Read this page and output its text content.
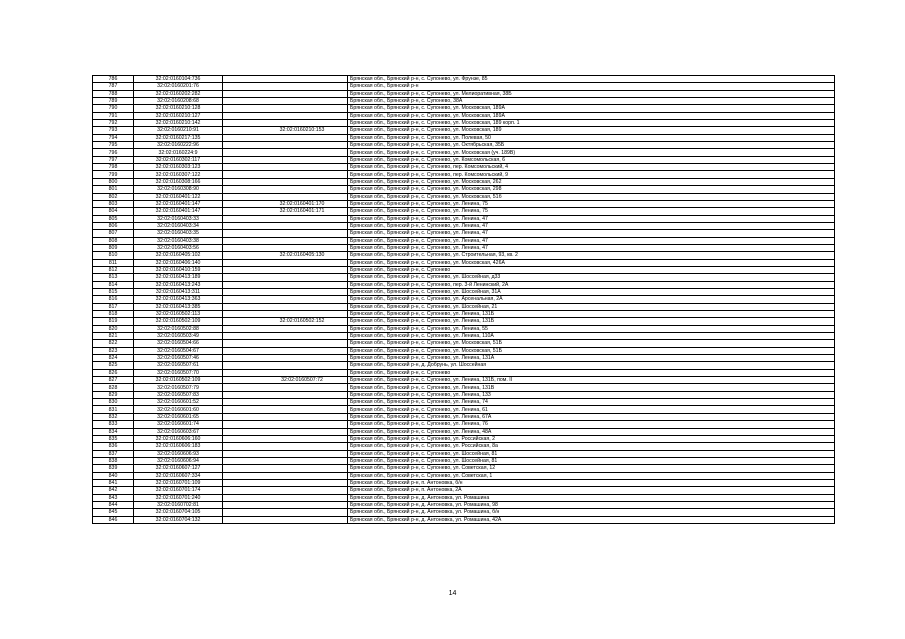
786	32:02:0160104:736		Брянская обл., Брянский р-н, с. Супонево, ул. Фрунзе, 85
787	32:02:0160201:76		Брянская обл., Брянский р-н
788	32:02:0160202:282		Брянская обл., Брянский р-н, с. Супонево, ул. Мелиоративная, 38Б
789	32:02:0160208:68		Брянская обл., Брянский р-н, с. Супонево, 38А
790	32:02:0160210:128		Брянская обл., Брянский р-н, с. Супонево, ул. Московская, 189А
791	32:02:0160210:127		Брянская обл., Брянский р-н, с. Супонево, ул. Московская, 189А
792	32:02:0160210:142		Брянская обл., Брянский р-н, с. Супонево, ул. Московская, 189 корп. 1
793	32:02:0160210:91	32:02:0160210:153	Брянская обл., Брянский р-н, с. Супонево, ул. Московская, 189
794	32:02:0160217:135		Брянская обл., Брянский р-н, с. Супонево, ул. Полевая, 50
795	32:02:0160222:96		Брянская обл., Брянский р-н, с. Супонево, ул. Октябрьская, 35Б
796	32:02:0160224:9		Брянская обл., Брянский р-н, с. Супонево, ул. Московская (уч. 189В)
797	32:02:0160302:117		Брянская обл., Брянский р-н, с. Супонево, ул. Комсомольская, 6
798	32:02:0160303:123		Брянская обл., Брянский р-н, с. Супонево, пер. Комсомольский, 4
799	32:02:0160307:122		Брянская обл., Брянский р-н, с. Супонево, пер. Комсомольский, 9
800	32:02:0160308:166		Брянская обл., Брянский р-н, с. Супонево, ул. Московская, 262
801	32:02:0160308:90		Брянская обл., Брянский р-н, с. Супонево, ул. Московская, 298
802	32:02:0160401:122		Брянская обл., Брянский р-н, с. Супонево, ул. Московская, 51б
803	32:02:0160401:147	32:02:0160401:170	Брянская обл., Брянский р-н, с. Супонево, ул. Ленина, 75
804	32:02:0160401:147	32:02:0160401:171	Брянская обл., Брянский р-н, с. Супонево, ул. Ленина, 75
805	32:02:0160403:33		Брянская обл., Брянский р-н, с. Супонево, ул. Ленина, 47
806	32:02:0160403:34		Брянская обл., Брянский р-н, с. Супонево, ул. Ленина, 47
807	32:02:0160403:35		Брянская обл., Брянский р-н, с. Супонево, ул. Ленина, 47
808	32:02:0160403:38		Брянская обл., Брянский р-н, с. Супонево, ул. Ленина, 47
809	32:02:0160403:56		Брянская обл., Брянский р-н, с. Супонево, ул. Ленина, 47
810	32:02:0160405:102	32:02:0160405:130	Брянская обл., Брянский р-н, с. Супонево, ул. Строительная, 93, кв. 2
811	32:02:0160406:140		Брянская обл., Брянский р-н, с. Супонево, ул. Московская, 426А
812	32:02:0160410:159		Брянская обл., Брянский р-н, с. Супонево
813	32:02:0160413:189		Брянская обл., Брянский р-н, с. Супонево, ул. Шоссейная, д33
814	32:02:0160413:243		Брянская обл., Брянский р-н, с. Супонево, пер. 3-й Ленинский, 2А
815	32:02:0160413:311		Брянская обл., Брянский р-н, с. Супонево, ул. Шоссейная, 31А
816	32:02:0160413:363		Брянская обл., Брянский р-н, с. Супонево, ул. Арсенальная, 2А
817	32:02:0160413:385		Брянская обл., Брянский р-н, с. Супонево, ул. Шоссейная, 21
818	32:02:0160502:113		Брянская обл., Брянский р-н, с. Супонево, ул. Ленина, 131Б
819	32:02:0160502:109	32:02:0160502:152	Брянская обл., Брянский р-н, с. Супонево, ул. Ленина, 131Б
820	32:02:0160502:88		Брянская обл., Брянский р-н, с. Супонево, ул. Ленина, 55
821	32:02:0160503:49		Брянская обл., Брянский р-н, с. Супонево, ул. Ленина, 110А
822	32:02:0160504:66		Брянская обл., Брянский р-н, с. Супонево, ул. Московская, 51Б
823	32:02:0160504:67		Брянская обл., Брянский р-н, с. Супонево, ул. Московская, 51Б
824	32:02:0160507:46		Брянская обл., Брянский р-н, с. Супонево, ул. Ленина, 131А
825	32:02:0160507:61		Брянская обл., Брянский р-н, д. Добрунь, ул. Шоссейная
826	32:02:0160507:70		Брянская обл., Брянский р-н, с. Супонево
827	32:02:0160502:109	32:02:0160507:72	Брянская обл., Брянский р-н, с. Супонево, ул. Ленина, 131Б, пом. II
828	32:02:0160507:79		Брянская обл., Брянский р-н, с. Супонево, ул. Ленина, 131В
829	32:02:0160507:83		Брянская обл., Брянский р-н, с. Супонево, ул. Ленина, 133
830	32:02:0160601:52		Брянская обл., Брянский р-н, с. Супонево, ул. Ленина, 74
831	32:02:0160601:60		Брянская обл., Брянский р-н, с. Супонево, ул. Ленина, 61
832	32:02:0160601:65		Брянская обл., Брянский р-н, с. Супонево, ул. Ленина, 67А
833	32:02:0160601:74		Брянская обл., Брянский р-н, с. Супонево, ул. Ленина, 76
834	32:02:0160603:67		Брянская обл., Брянский р-н, с. Супонево, ул. Ленина, 48А
835	32:02:0160606:160		Брянская обл., Брянский р-н, с. Супонево, ул. Российская, 2
836	32:02:0160606:183		Брянская обл., Брянский р-н, с. Супонево, ул. Российская, 8а
837	32:02:0160606:93		Брянская обл., Брянский р-н, с. Супонево, ул. Шоссейная, 81
838	32:02:0160606:94		Брянская обл., Брянский р-н, с. Супонево, ул. Шоссейная, 81
839	32:02:0160607:127		Брянская обл., Брянский р-н, с. Супонево, ул. Советская, 12
840	32:02:0160607:334		Брянская обл., Брянский р-н, с. Супонево, ул. Советская, 1
841	32:02:0160701:109		Брянская обл., Брянский р-н, п. Антоновка, б/н
842	32:02:0160701:174		Брянская обл., Брянский р-н, п. Антоновка, 2А
843	32:02:0160701:240		Брянская обл., Брянский р-н, д. Антоновка, ул. Ромашина
844	32:02:0160702:81		Брянская обл., Брянский р-н, д. Антоновка, ул. Ромашина, 98
845	32:02:0160704:105		Брянская обл., Брянский р-н, д. Антоновка, ул. Ромашина, б/н
846	32:02:0160704:132		Брянская обл., Брянский р-н, д. Антоновка, ул. Ромашина, 42А
14
